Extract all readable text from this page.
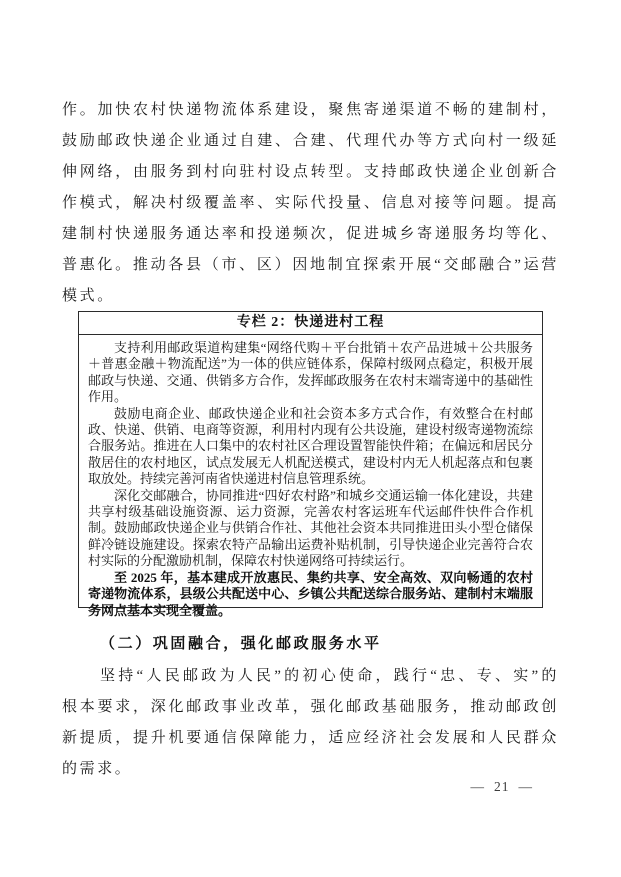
作。加快农村快递物流体系建设，聚焦寄递渠道不畅的建制村，鼓励邮政快递企业通过自建、合建、代理代办等方式向村一级延伸网络，由服务到村向驻村设点转型。支持邮政快递企业创新合作模式，解决村级覆盖率、实际代投量、信息对接等问题。提高建制村快递服务通达率和投递频次，促进城乡寄递服务均等化、普惠化。推动各县（市、区）因地制宜探索开展“交邮融合”运营模式。

专栏 2：快递进村工程

支持利用邮政渠道构建集“网络代购＋平台批销＋农产品进城＋公共服务＋普惠金融＋物流配送”为一体的供应链体系，保障村级网点稳定，积极开展邮政与快递、交通、供销多方合作，发挥邮政服务在农村末端寄递中的基础性作用。

鼓励电商企业、邮政快递企业和社会资本多方式合作，有效整合在村邮政、快递、供销、电商等资源，利用村内现有公共设施，建设村级寄递物流综合服务站。推进在人口集中的农村社区合理设置智能快件箱；在偏远和居民分散居住的农村地区，试点发展无人机配送模式，建设村内无人机起落点和包裹取放处。持续完善河南省快递进村信息管理系统。

深化交邮融合，协同推进“四好农村路”和城乡交通运输一体化建设，共建共享村级基础设施资源、运力资源，完善农村客运班车代运邮件快件合作机制。鼓励邮政快递企业与供销合作社、其他社会资本共同推进田头小型仓储保鲜冷链设施建设。探索农特产品输出运费补贴机制，引导快递企业完善符合农村实际的分配激励机制，保障农村快递网络可持续运行。

至 2025 年，基本建成开放惠民、集约共享、安全高效、双向畅通的农村寄递物流体系，县级公共配送中心、乡镇公共配送综合服务站、建制村末端服务网点基本实现全覆盖。

（二）巩固融合，强化邮政服务水平

坚持“人民邮政为人民”的初心使命，践行“忠、专、实”的根本要求，深化邮政事业改革，强化邮政基础服务，推动邮政创新提质，提升机要通信保障能力，适应经济社会发展和人民群众的需求。

— 21 —
